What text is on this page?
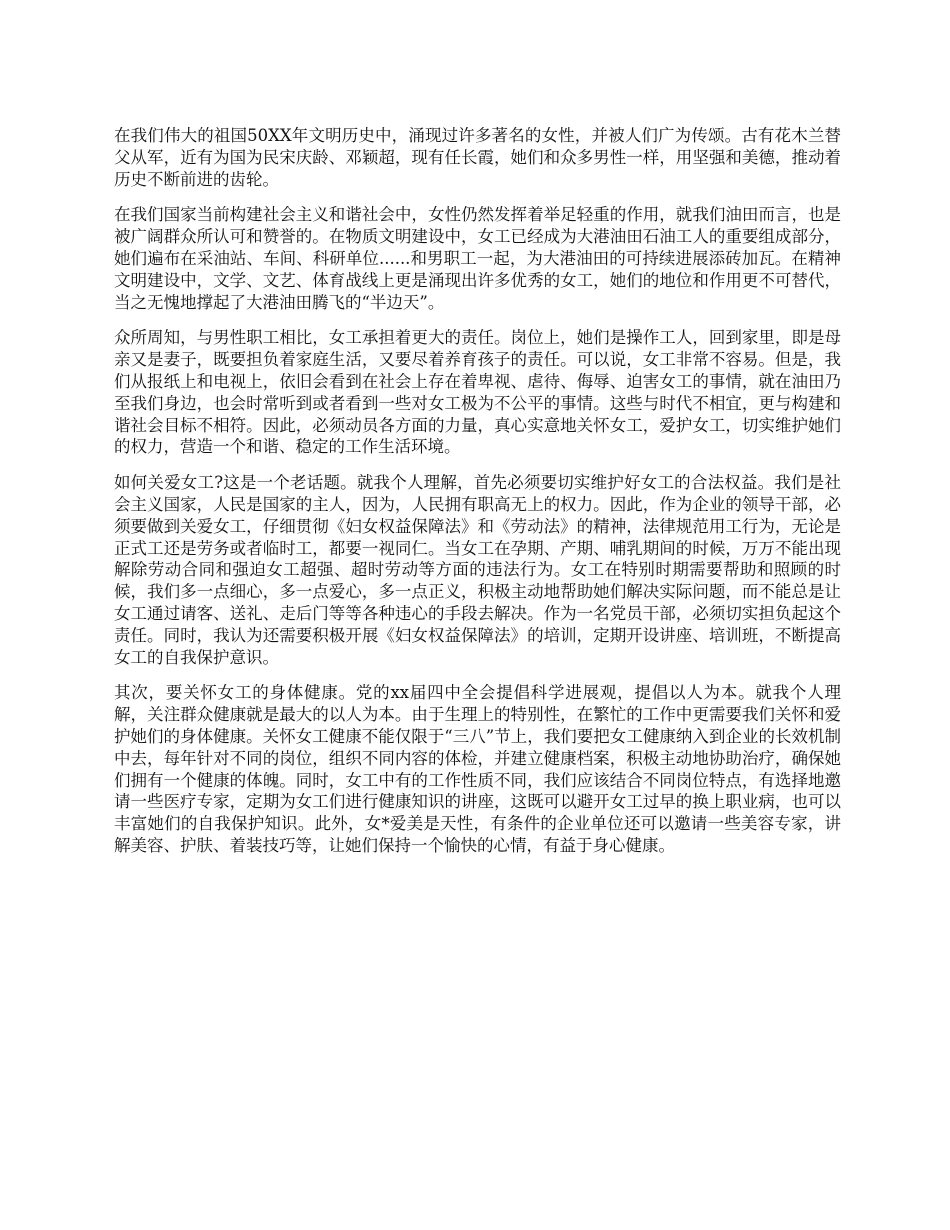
在我们伟大的祖国50XX年文明历史中，涌现过许多著名的女性，并被人们广为传颂。古有花木兰替父从军，近有为国为民宋庆龄、邓颖超，现有任长霞，她们和众多男性一样，用坚强和美德，推动着历史不断前进的齿轮。

在我们国家当前构建社会主义和谐社会中，女性仍然发挥着举足轻重的作用，就我们油田而言，也是被广阔群众所认可和赞誉的。在物质文明建设中，女工已经成为大港油田石油工人的重要组成部分，她们遍布在采油站、车间、科研单位......和男职工一起，为大港油田的可持续进展添砖加瓦。在精神文明建设中，文学、文艺、体育战线上更是涌现出许多优秀的女工，她们的地位和作用更不可替代，当之无愧地撑起了大港油田腾飞的“半边天”。

众所周知，与男性职工相比，女工承担着更大的责任。岗位上，她们是操作工人，回到家里，即是母亲又是妻子，既要担负着家庭生活，又要尽着养育孩子的责任。可以说，女工非常不容易。但是，我们从报纸上和电视上，依旧会看到在社会上存在着卑视、虐待、侮辱、迫害女工的事情，就在油田乃至我们身边，也会时常听到或者看到一些对女工极为不公平的事情。这些与时代不相宜，更与构建和谐社会目标不相符。因此，必须动员各方面的力量，真心实意地关怀女工，爱护女工，切实维护她们的权力，营造一个和谐、稳定的工作生活环境。

如何关爱女工?这是一个老话题。就我个人理解，首先必须要切实维护好女工的合法权益。我们是社会主义国家，人民是国家的主人，因为，人民拥有职高无上的权力。因此，作为企业的领导干部，必须要做到关爱女工，仔细贯彻《妇女权益保障法》和《劳动法》的精神，法律规范用工行为，无论是正式工还是劳务或者临时工，都要一视同仁。当女工在孕期、产期、哺乳期间的时候，万万不能出现解除劳动合同和强迫女工超强、超时劳动等方面的违法行为。女工在特别时期需要帮助和照顾的时候，我们多一点细心，多一点爱心，多一点正义，积极主动地帮助她们解决实际问题，而不能总是让女工通过请客、送礼、走后门等等各种违心的手段去解决。作为一名党员干部，必须切实担负起这个责任。同时，我认为还需要积极开展《妇女权益保障法》的培训，定期开设讲座、培训班，不断提高女工的自我保护意识。

其次，要关怀女工的身体健康。党的xx届四中全会提倡科学进展观，提倡以人为本。就我个人理解，关注群众健康就是最大的以人为本。由于生理上的特别性，在繁忙的工作中更需要我们关怀和爱护她们的身体健康。关怀女工健康不能仅限于“三八”节上，我们要把女工健康纳入到企业的长效机制中去，每年针对不同的岗位，组织不同内容的体检，并建立健康档案，积极主动地协助治疗，确保她们拥有一个健康的体魄。同时，女工中有的工作性质不同，我们应该结合不同岗位特点，有选择地邀请一些医疗专家，定期为女工们进行健康知识的讲座，这既可以避开女工过早的换上职业病，也可以丰富她们的自我保护知识。此外，女*爱美是天性，有条件的企业单位还可以邀请一些美容专家，讲解美容、护肤、着装技巧等，让她们保持一个愉快的心情，有益于身心健康。
